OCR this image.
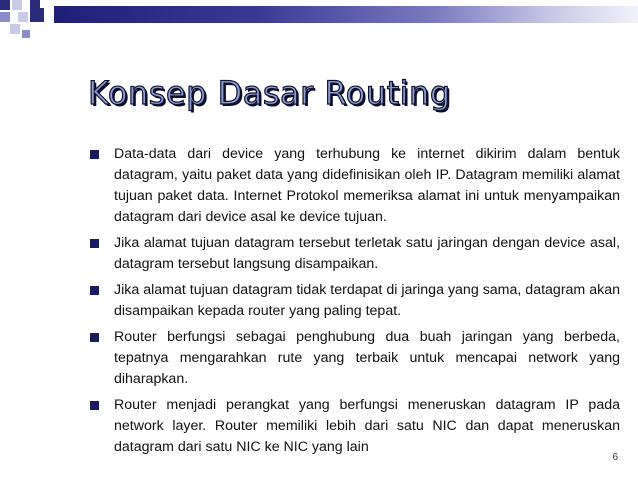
Konsep Dasar Routing
Data-data dari device yang terhubung ke internet dikirim dalam bentuk datagram, yaitu paket data yang didefinisikan oleh IP. Datagram memiliki alamat tujuan paket data. Internet Protokol memeriksa alamat ini untuk menyampaikan datagram dari device asal ke device tujuan.
Jika alamat tujuan datagram tersebut terletak satu jaringan dengan device asal, datagram tersebut langsung disampaikan.
Jika alamat tujuan datagram tidak terdapat di jaringa yang sama, datagram akan disampaikan kepada router yang paling tepat.
Router berfungsi sebagai penghubung dua buah jaringan yang berbeda, tepatnya mengarahkan rute yang terbaik untuk mencapai network yang diharapkan.
Router menjadi perangkat yang berfungsi meneruskan datagram IP pada network layer. Router memiliki lebih dari satu NIC dan dapat meneruskan datagram dari satu NIC ke NIC yang lain
6
